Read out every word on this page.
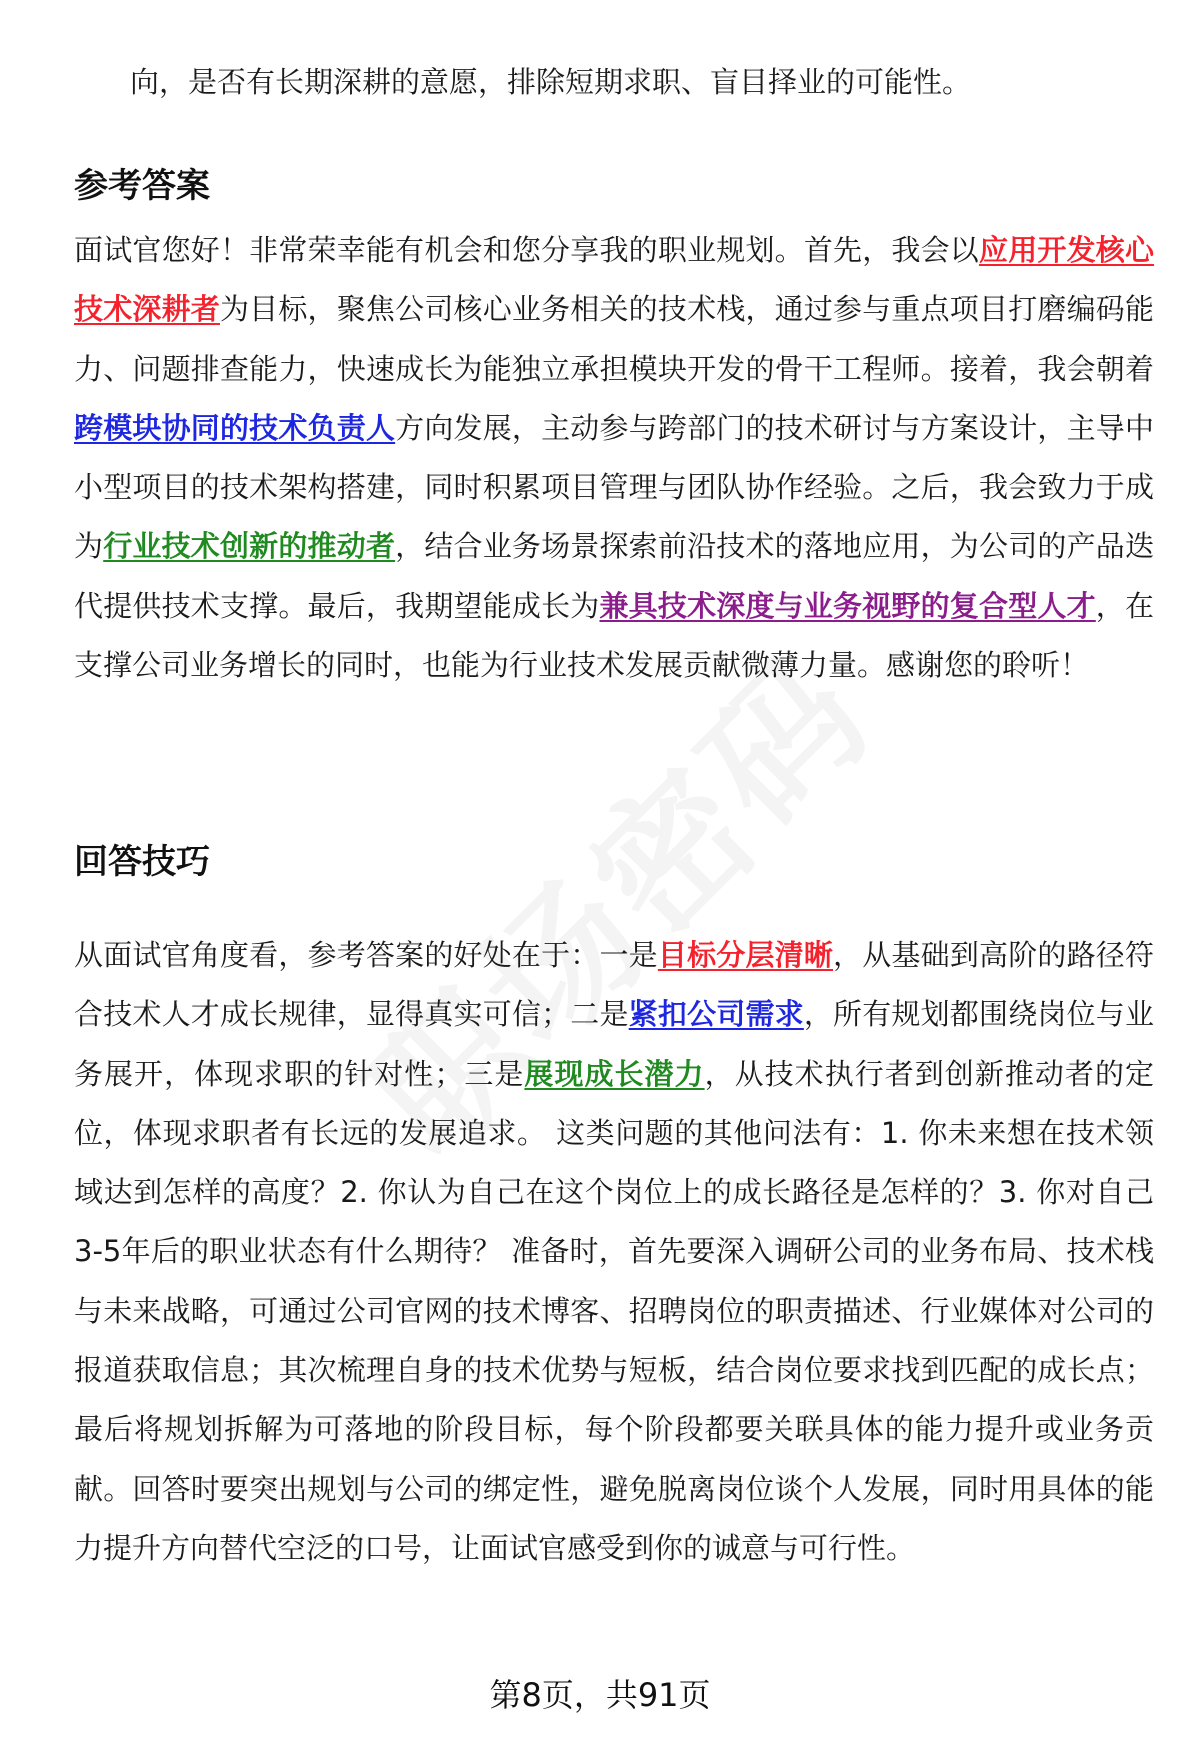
向，是否有长期深耕的意愿，排除短期求职、盲目择业的可能性。

参考答案

面试官您好！非常荣幸能有机会和您分享我的职业规划。首先，我会以应用开发核心技术深耕者为目标，聚焦公司核心业务相关的技术栈，通过参与重点项目打磨编码能力、问题排查能力，快速成长为能独立承担模块开发的骨干工程师。接着，我会朝着跨模块协同的技术负责人方向发展，主动参与跨部门的技术研讨与方案设计，主导中小型项目的技术架构搭建，同时积累项目管理与团队协作经验。之后，我会致力于成为行业技术创新的推动者，结合业务场景探索前沿技术的落地应用，为公司的产品迭代提供技术支撑。最后，我期望能成长为兼具技术深度与业务视野的复合型人才，在支撑公司业务增长的同时，也能为行业技术发展贡献微薄力量。感谢您的聆听！

回答技巧

从面试官角度看，参考答案的好处在于：一是目标分层清晰，从基础到高阶的路径符合技术人才成长规律，显得真实可信；二是紧扣公司需求，所有规划都围绕岗位与业务展开，体现求职的针对性；三是展现成长潜力，从技术执行者到创新推动者的定位，体现求职者有长远的发展追求。 这类问题的其他问法有：1. 你未来想在技术领域达到怎样的高度？2. 你认为自己在这个岗位上的成长路径是怎样的？3. 你对自己3-5年后的职业状态有什么期待？ 准备时，首先要深入调研公司的业务布局、技术栈与未来战略，可通过公司官网的技术博客、招聘岗位的职责描述、行业媒体对公司的报道获取信息；其次梳理自身的技术优势与短板，结合岗位要求找到匹配的成长点；最后将规划拆解为可落地的阶段目标，每个阶段都要关联具体的能力提升或业务贡献。回答时要突出规划与公司的绑定性，避免脱离岗位谈个人发展，同时用具体的能力提升方向替代空泛的口号，让面试官感受到你的诚意与可行性。

第8页，共91页
